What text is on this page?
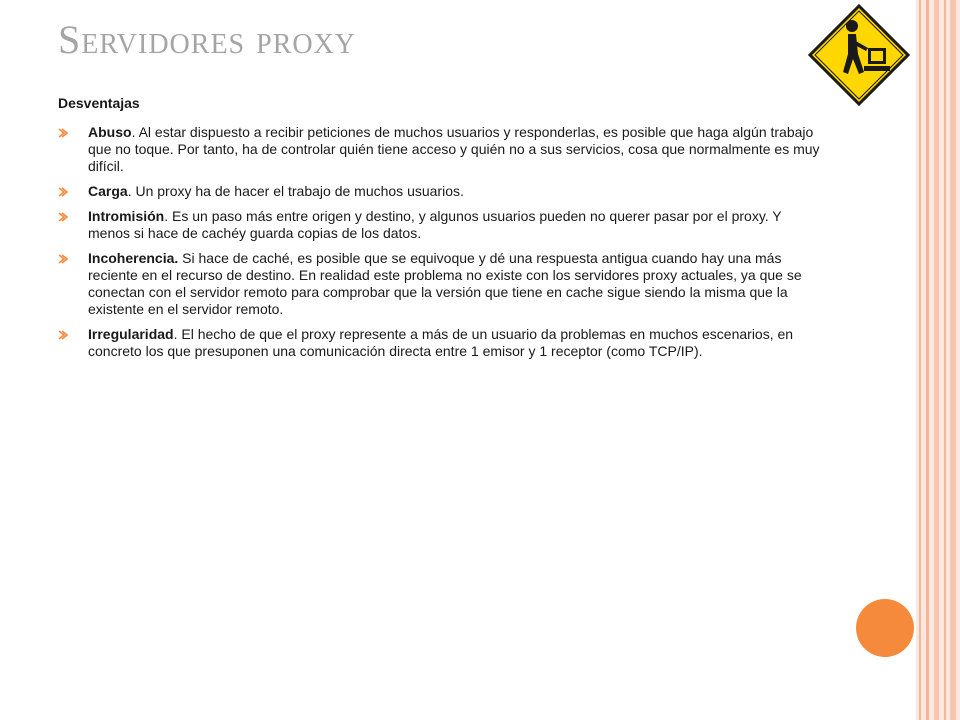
Servidores proxy

Desventajas

Abuso. Al estar dispuesto a recibir peticiones de muchos usuarios y responderlas, es posible que haga algún trabajo que no toque. Por tanto, ha de controlar quién tiene acceso y quién no a sus servicios, cosa que normalmente es muy difícil.
Carga. Un proxy ha de hacer el trabajo de muchos usuarios.
Intromisión. Es un paso más entre origen y destino, y algunos usuarios pueden no querer pasar por el proxy. Y menos si hace de cachéy guarda copias de los datos.
Incoherencia. Si hace de caché, es posible que se equivoque y dé una respuesta antigua cuando hay una más reciente en el recurso de destino. En realidad este problema no existe con los servidores proxy actuales, ya que se conectan con el servidor remoto para comprobar que la versión que tiene en cache sigue siendo la misma que la existente en el servidor remoto.
Irregularidad. El hecho de que el proxy represente a más de un usuario da problemas en muchos escenarios, en concreto los que presuponen una comunicación directa entre 1 emisor y 1 receptor (como TCP/IP).
